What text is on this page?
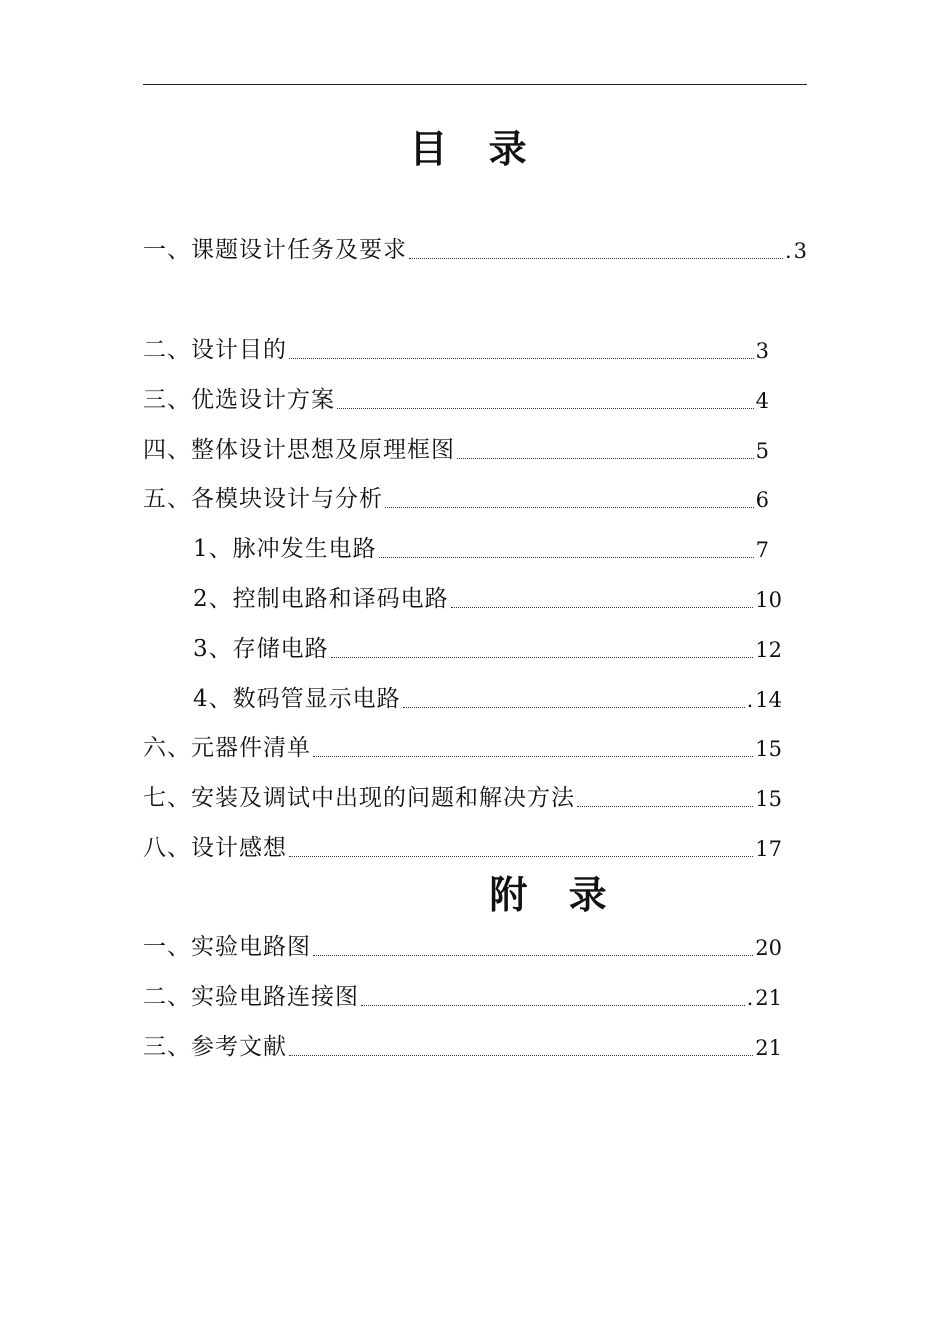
目 录
一、课题设计任务及要求	. 3
二、设计目的	3
三、优选设计方案	4
四、整体设计思想及原理框图	5
五、各模块设计与分析	6
1、脉冲发生电路	7
2、控制电路和译码电路	10
3、存储电路	12
4、数码管显示电路	. 14
六、元器件清单	15
七、安装及调试中出现的问题和解决方法	15
八、设计感想	17
附 录
一、实验电路图	20
二、实验电路连接图	. 21
三、参考文献	21
